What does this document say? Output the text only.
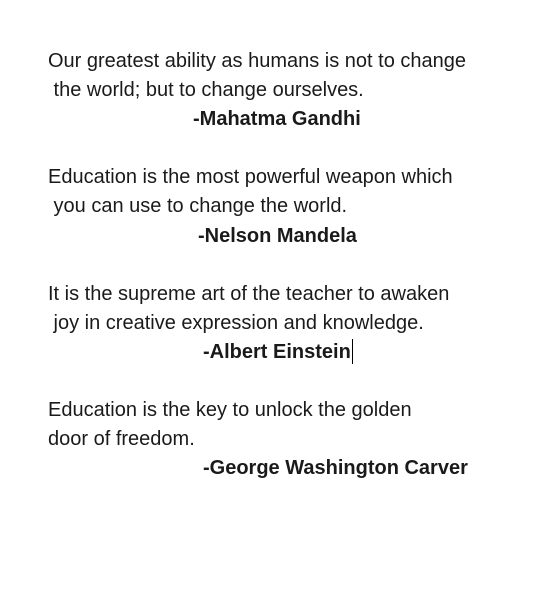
Our greatest ability as humans is not to change
the world; but to change ourselves.

-Mahatma Gandhi

Education is the most powerful weapon which
you can use to change the world.

-Nelson Mandela

It is the supreme art of the teacher to awaken
joy in creative expression and knowledge.

-Albert Einstein

Education is the key to unlock the golden
door of freedom.

-George Washington Carver
